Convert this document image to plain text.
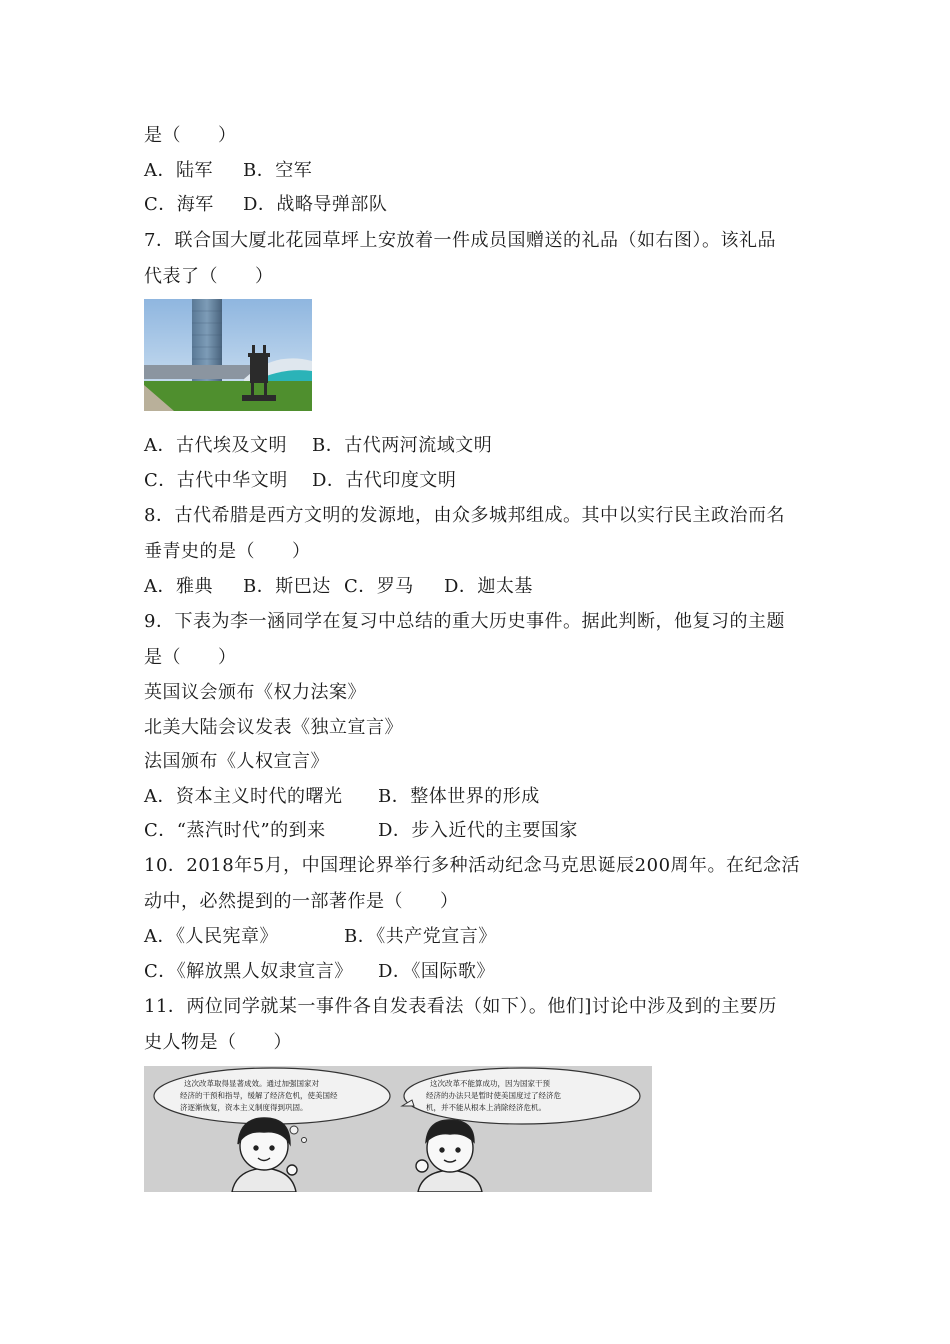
是（　　）
A．陆军 B．空军
C．海军 D．战略导弹部队
7．联合国大厦北花园草坪上安放着一件成员国赠送的礼品（如右图）。该礼品
代表了（　　）
A．古代埃及文明 B．古代两河流域文明
C．古代中华文明 D．古代印度文明
8．古代希腊是西方文明的发源地，由众多城邦组成。其中以实行民主政治而名
垂青史的是（　　）
A．雅典 B．斯巴达 C．罗马 D．迦太基
9．下表为李一涵同学在复习中总结的重大历史事件。据此判断，他复习的主题
是（　　）
英国议会颁布《权力法案》
北美大陆会议发表《独立宣言》
法国颁布《人权宣言》
A．资本主义时代的曙光 B．整体世界的形成
C．“蒸汽时代”的到来	D．步入近代的主要国家
10．2018年5月，中国理论界举行多种活动纪念马克思诞辰200周年。在纪念活
动中，必然提到的一部著作是（　　）
A．《人民宪章》	B．《共产党宣言》
C．《解放黑人奴隶宣言》 D．《国际歌》
11．两位同学就某一事件各自发表看法（如下）。他们]讨论中涉及到的主要历
史人物是（　　）
这次改革取得显著成效。通过加强国家对
经济的干预和指导，缓解了经济危机，使美国经
济逐渐恢复，资本主义制度得到巩固。
这次改革不能算成功，因为国家干预
经济的办法只是暂时使美国度过了经济危
机，并不能从根本上消除经济危机。
